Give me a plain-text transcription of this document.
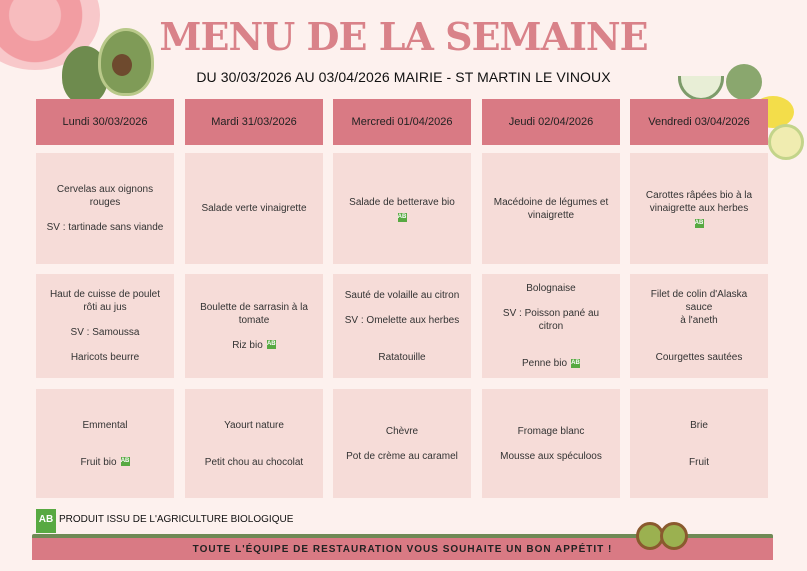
MENU DE LA SEMAINE
DU 30/03/2026 AU 03/04/2026 MAIRIE - ST MARTIN LE VINOUX
Lundi 30/03/2026
Cervelas aux oignons
rouges
SV : tartinade sans viande
Haut de cuisse de poulet
rôti au jus
SV : Samoussa
Haricots beurre
Emmental
Fruit bio AB
Mardi 31/03/2026
Salade verte vinaigrette
Boulette de sarrasin à la
tomate
Riz bio AB
Yaourt nature
Petit chou au chocolat
Mercredi 01/04/2026
Salade de betterave bio
AB
Sauté de volaille au citron
SV : Omelette aux herbes
Ratatouille
Chèvre
Pot de crème au caramel
Jeudi 02/04/2026
Macédoine de légumes et
vinaigrette
Bolognaise
SV : Poisson pané au citron
Penne bio AB
Fromage blanc
Mousse aux spéculoos
Vendredi 03/04/2026
Carottes râpées bio à la
vinaigrette aux herbes
AB
Filet de colin d'Alaska sauce
à l'aneth
Courgettes sautées
Brie
Fruit
AB PRODUIT ISSU DE L'AGRICULTURE BIOLOGIQUE
TOUTE L'ÉQUIPE DE RESTAURATION VOUS SOUHAITE UN BON APPÉTIT !
